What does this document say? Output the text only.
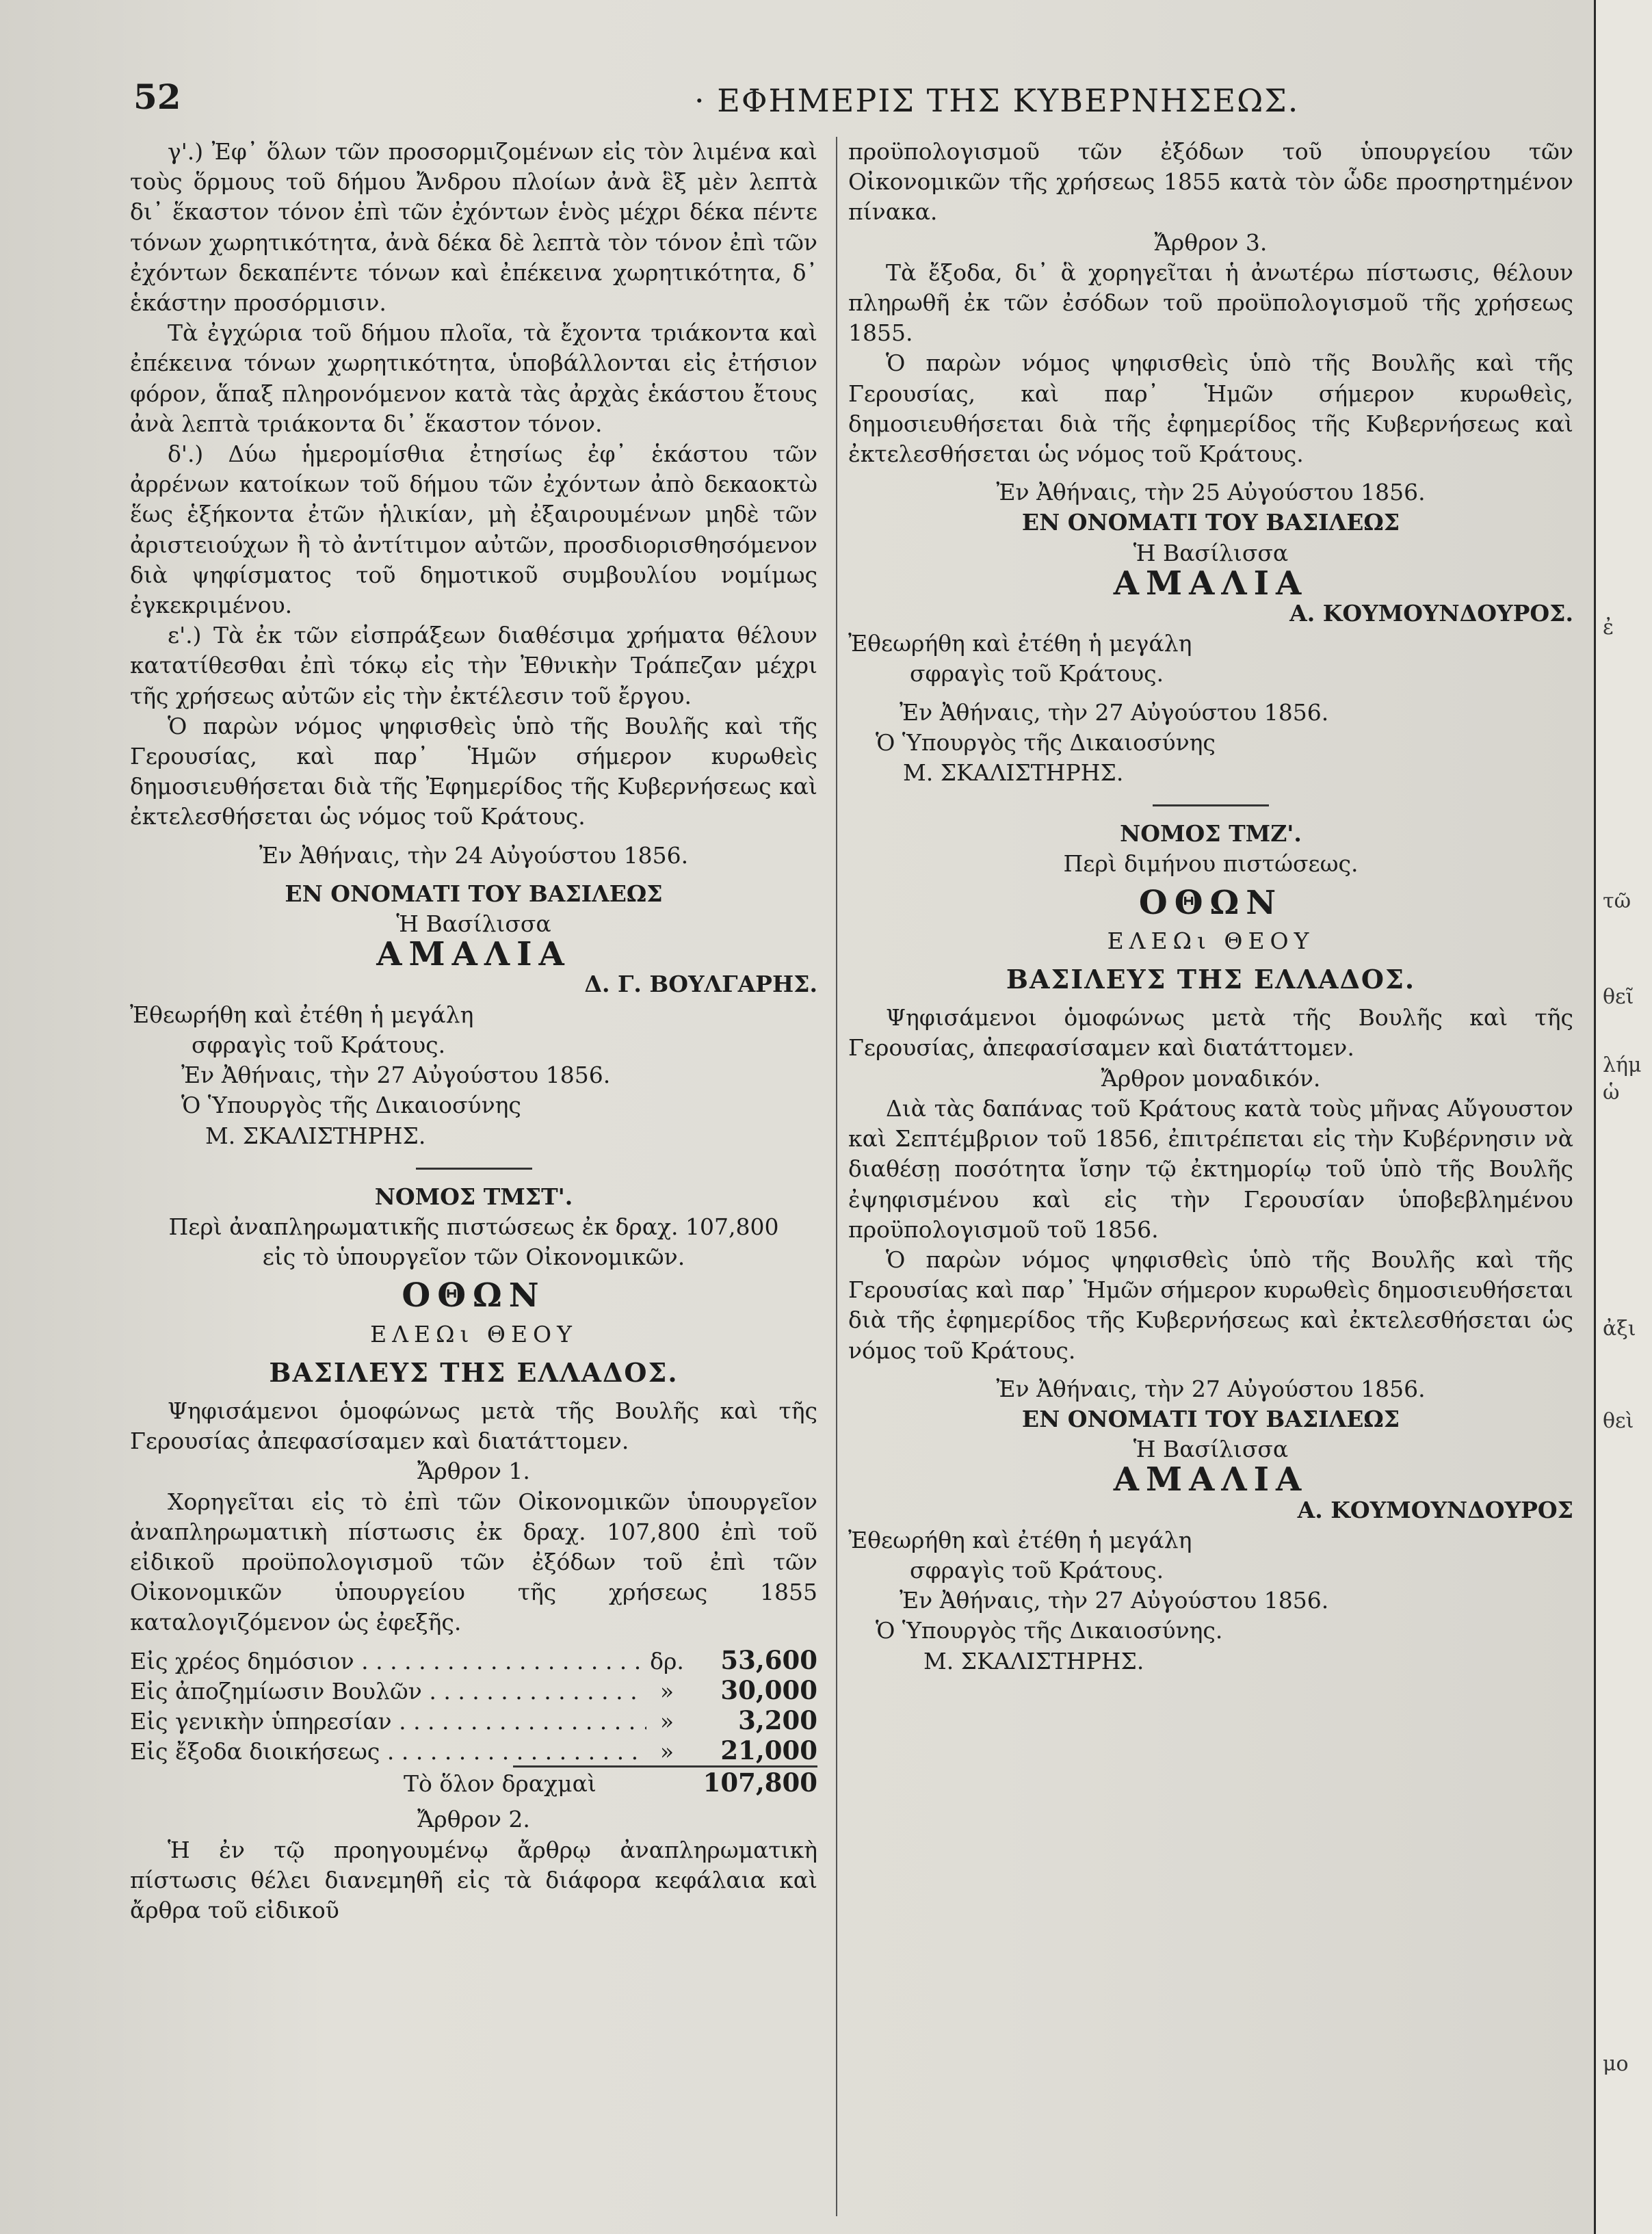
ἐ
τῶ
θεῖ
λήμ
ὡ
ἀξι
θεὶ
μο
52	· ΕΦΗΜΕΡΙΣ ΤΗΣ ΚΥΒΕΡΝΗΣΕΩΣ.

γ'.) Ἐφ᾽ ὅλων τῶν προσορμιζομένων εἰς τὸν λιμένα καὶ τοὺς ὅρμους τοῦ δήμου Ἄνδρου πλοίων ἀνὰ ἓξ μὲν λεπτὰ δι᾽ ἕκαστον τόνον ἐπὶ τῶν ἐχόντων ἑνὸς μέχρι δέκα πέντε τόνων χωρητικότητα, ἀνὰ δέκα δὲ λεπτὰ τὸν τόνον ἐπὶ τῶν ἐχόντων δεκαπέντε τόνων καὶ ἐπέκεινα χωρητικότητα, δ᾽ ἑκάστην προσόρμισιν.

Τὰ ἐγχώρια τοῦ δήμου πλοῖα, τὰ ἔχοντα τριάκοντα καὶ ἐπέκεινα τόνων χωρητικότητα, ὑποβάλλονται εἰς ἐτήσιον φόρον, ἅπαξ πληρονόμενον κατὰ τὰς ἀρχὰς ἑκάστου ἔτους ἀνὰ λεπτὰ τριάκοντα δι᾽ ἕκαστον τόνον.

δ'.) Δύω ἡμερομίσθια ἐτησίως ἐφ᾽ ἑκάστου τῶν ἀρρένων κατοίκων τοῦ δήμου τῶν ἐχόντων ἀπὸ δεκαοκτὼ ἕως ἑξήκοντα ἐτῶν ἡλικίαν, μὴ ἐξαιρουμένων μηδὲ τῶν ἀριστειούχων ἢ τὸ ἀντίτιμον αὐτῶν, προσδιορισθησόμενον διὰ ψηφίσματος τοῦ δημοτικοῦ συμβουλίου νομίμως ἐγκεκριμένου.

ε'.) Τὰ ἐκ τῶν εἰσπράξεων διαθέσιμα χρήματα θέλουν κατατίθεσθαι ἐπὶ τόκῳ εἰς τὴν Ἐθνικὴν Τράπεζαν μέχρι τῆς χρήσεως αὐτῶν εἰς τὴν ἐκτέλεσιν τοῦ ἔργου.

Ὁ παρὼν νόμος ψηφισθεὶς ὑπὸ τῆς Βουλῆς καὶ τῆς Γερουσίας, καὶ παρ᾽ Ἡμῶν σήμερον κυρωθεὶς δημοσιευθήσεται διὰ τῆς Ἐφημερίδος τῆς Κυβερνήσεως καὶ ἐκτελεσθήσεται ὡς νόμος τοῦ Κράτους.

Ἐν Ἀθήναις, τὴν 24 Αὐγούστου 1856.

ΕΝ ΟΝΟΜΑΤΙ ΤΟΥ ΒΑΣΙΛΕΩΣ

Ἡ Βασίλισσα

ΑΜΑΛΙΑ

Δ. Γ. ΒΟΥΛΓΑΡΗΣ.

Ἐθεωρήθη καὶ ἐτέθη ἡ μεγάλη

σφραγὶς τοῦ Κράτους.

Ἐν Ἀθήναις, τὴν 27 Αὐγούστου 1856.

Ὁ Ὑπουργὸς τῆς Δικαιοσύνης

Μ. ΣΚΑΛΙΣΤΗΡΗΣ.

ΝΟΜΟΣ ΤΜΣΤ'.

Περὶ ἀναπληρωματικῆς πιστώσεως ἐκ δραχ. 107,800

εἰς τὸ ὑπουργεῖον τῶν Οἰκονομικῶν.

ΟΘΩΝ

ΕΛΕΩι ΘΕΟΥ

ΒΑΣΙΛΕΥΣ ΤΗΣ ΕΛΛΑΔΟΣ.

Ψηφισάμενοι ὁμοφώνως μετὰ τῆς Βουλῆς καὶ τῆς Γερουσίας ἀπεφασίσαμεν καὶ διατάττομεν.

Ἄρθρον 1.

Χορηγεῖται εἰς τὸ ἐπὶ τῶν Οἰκονομικῶν ὑπουργεῖον ἀναπληρωματικὴ πίστωσις ἐκ δραχ. 107,800 ἐπὶ τοῦ εἰδικοῦ προϋπολογισμοῦ τῶν ἐξόδων τοῦ ἐπὶ τῶν Οἰκονομικῶν ὑπουργείου τῆς χρήσεως 1855 καταλογιζόμενον ὡς ἐφεξῆς.

Εἰς χρέος δημόσιον . . .	δρ.	53,600
Εἰς ἀποζημίωσιν Βουλῶν . . .	»	30,000
Εἰς γενικὴν ὑπηρεσίαν . . .	»	3,200
Εἰς ἔξοδα διοικήσεως . . .	»	21,000
Τὸ ὅλον δραχμαὶ	107,800

Ἄρθρον 2.

Ἡ ἐν τῷ προηγουμένῳ ἄρθρῳ ἀναπληρωματικὴ πίστωσις θέλει διανεμηθῆ εἰς τὰ διάφορα κεφάλαια καὶ ἄρθρα τοῦ εἰδικοῦ

προϋπολογισμοῦ τῶν ἐξόδων τοῦ ὑπουργείου τῶν Οἰκονομικῶν τῆς χρήσεως 1855 κατὰ τὸν ὧδε προσηρτημένον πίνακα.

Ἄρθρον 3.

Τὰ ἔξοδα, δι᾽ ἃ χορηγεῖται ἡ ἀνωτέρω πίστωσις, θέλουν πληρωθῆ ἐκ τῶν ἐσόδων τοῦ προϋπολογισμοῦ τῆς χρήσεως 1855.

Ὁ παρὼν νόμος ψηφισθεὶς ὑπὸ τῆς Βουλῆς καὶ τῆς Γερουσίας, καὶ παρ᾽ Ἡμῶν σήμερον κυρωθεὶς, δημοσιευθήσεται διὰ τῆς ἐφημερίδος τῆς Κυβερνήσεως καὶ ἐκτελεσθήσεται ὡς νόμος τοῦ Κράτους.

Ἐν Ἀθήναις, τὴν 25 Αὐγούστου 1856.

ΕΝ ΟΝΟΜΑΤΙ ΤΟΥ ΒΑΣΙΛΕΩΣ

Ἡ Βασίλισσα

ΑΜΑΛΙΑ

Α. ΚΟΥΜΟΥΝΔΟΥΡΟΣ.

Ἐθεωρήθη καὶ ἐτέθη ἡ μεγάλη

σφραγὶς τοῦ Κράτους.

Ἐν Ἀθήναις, τὴν 27 Αὐγούστου 1856.

Ὁ Ὑπουργὸς τῆς Δικαιοσύνης

Μ. ΣΚΑΛΙΣΤΗΡΗΣ.

ΝΟΜΟΣ ΤΜΖ'.

Περὶ διμήνου πιστώσεως.

ΟΘΩΝ

ΕΛΕΩι ΘΕΟΥ

ΒΑΣΙΛΕΥΣ ΤΗΣ ΕΛΛΑΔΟΣ.

Ψηφισάμενοι ὁμοφώνως μετὰ τῆς Βουλῆς καὶ τῆς Γερουσίας, ἀπεφασίσαμεν καὶ διατάττομεν.

Ἄρθρον μοναδικόν.

Διὰ τὰς δαπάνας τοῦ Κράτους κατὰ τοὺς μῆνας Αὔγουστον καὶ Σεπτέμβριον τοῦ 1856, ἐπιτρέπεται εἰς τὴν Κυβέρνησιν νὰ διαθέσῃ ποσότητα ἴσην τῷ ἐκτημορίῳ τοῦ ὑπὸ τῆς Βουλῆς ἐψηφισμένου καὶ εἰς τὴν Γερουσίαν ὑποβεβλημένου προϋπολογισμοῦ τοῦ 1856.

Ὁ παρὼν νόμος ψηφισθεὶς ὑπὸ τῆς Βουλῆς καὶ τῆς Γερουσίας καὶ παρ᾽ Ἡμῶν σήμερον κυρωθεὶς δημοσιευθήσεται διὰ τῆς ἐφημερίδος τῆς Κυβερνήσεως καὶ ἐκτελεσθήσεται ὡς νόμος τοῦ Κράτους.

Ἐν Ἀθήναις, τὴν 27 Αὐγούστου 1856.

ΕΝ ΟΝΟΜΑΤΙ ΤΟΥ ΒΑΣΙΛΕΩΣ

Ἡ Βασίλισσα

ΑΜΑΛΙΑ

Α. ΚΟΥΜΟΥΝΔΟΥΡΟΣ

Ἐθεωρήθη καὶ ἐτέθη ἡ μεγάλη

σφραγὶς τοῦ Κράτους.

Ἐν Ἀθήναις, τὴν 27 Αὐγούστου 1856.

Ὁ Ὑπουργὸς τῆς Δικαιοσύνης.

Μ. ΣΚΑΛΙΣΤΗΡΗΣ.
